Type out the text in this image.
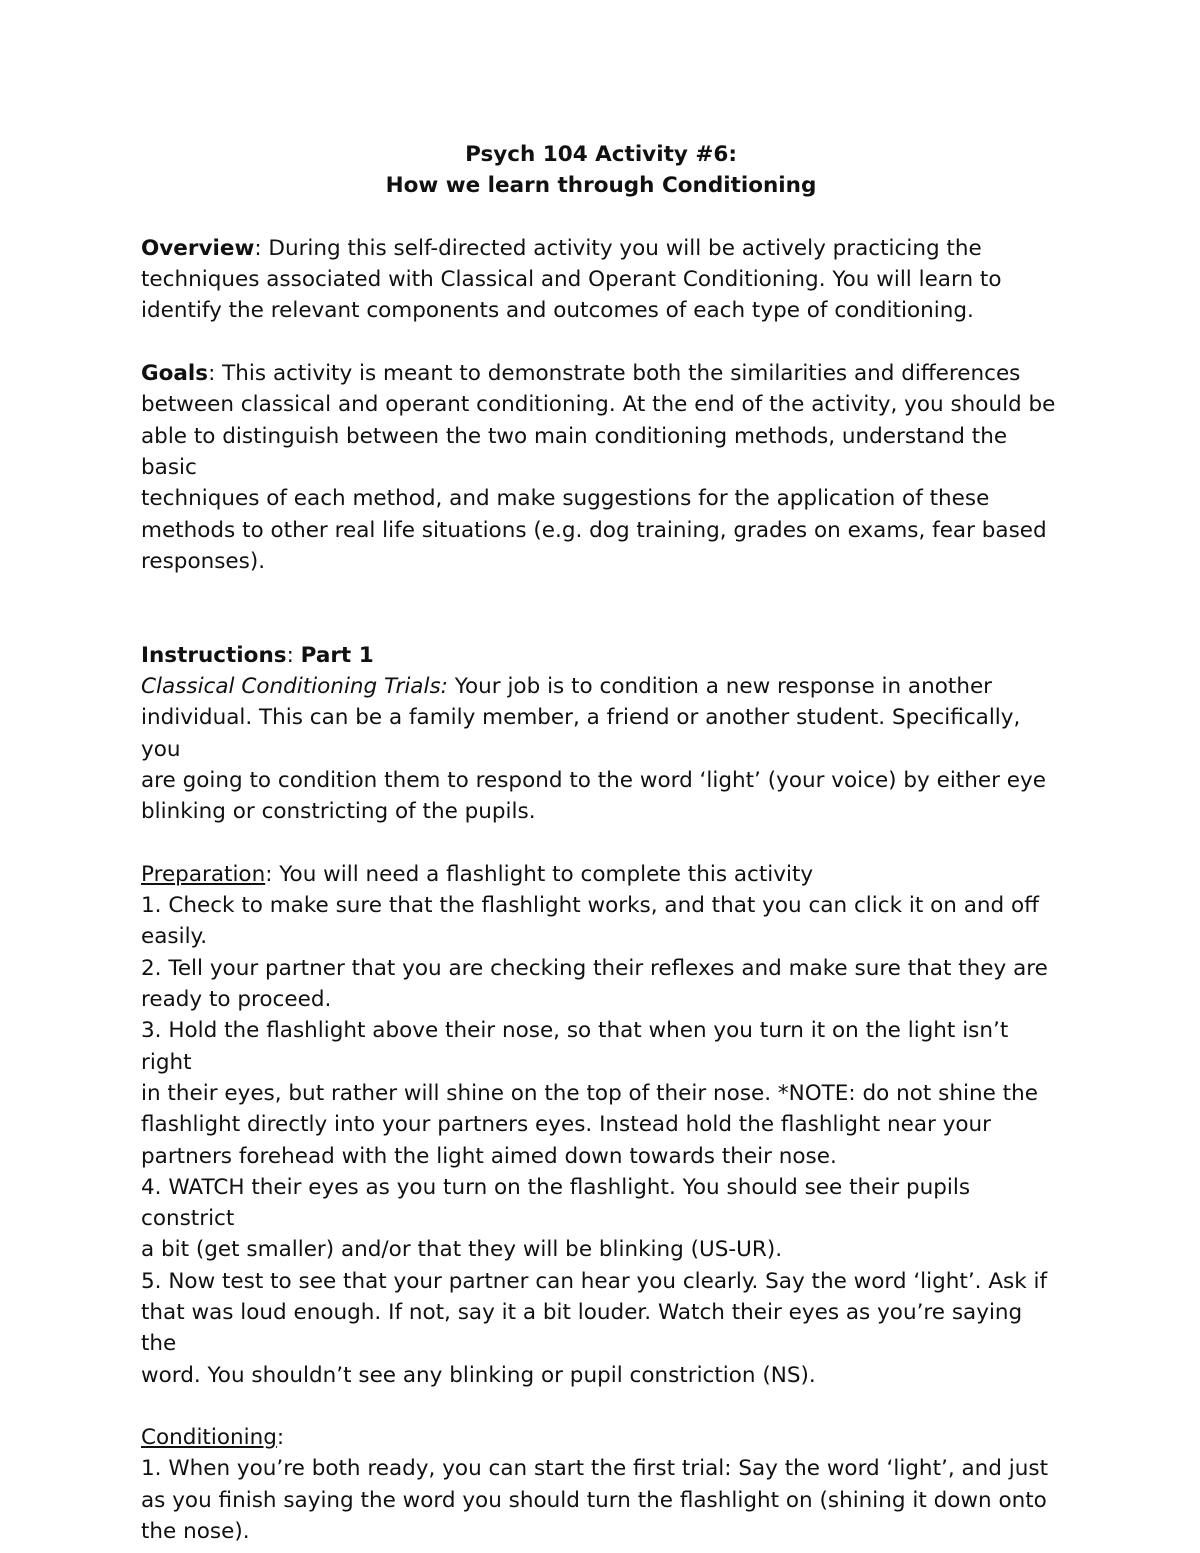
Psych 104 Activity #6:
How we learn through Conditioning
Overview: During this self-directed activity you will be actively practicing the
techniques associated with Classical and Operant Conditioning. You will learn to
identify the relevant components and outcomes of each type of conditioning.
Goals: This activity is meant to demonstrate both the similarities and differences
between classical and operant conditioning. At the end of the activity, you should be
able to distinguish between the two main conditioning methods, understand the basic
techniques of each method, and make suggestions for the application of these
methods to other real life situations (e.g. dog training, grades on exams, fear based
responses).
Instructions: Part 1
Classical Conditioning Trials: Your job is to condition a new response in another
individual. This can be a family member, a friend or another student. Specifically, you
are going to condition them to respond to the word ‘light’ (your voice) by either eye
blinking or constricting of the pupils.
Preparation: You will need a flashlight to complete this activity
1. Check to make sure that the flashlight works, and that you can click it on and off
easily.
2. Tell your partner that you are checking their reflexes and make sure that they are
ready to proceed.
3. Hold the flashlight above their nose, so that when you turn it on the light isn’t right
in their eyes, but rather will shine on the top of their nose. *NOTE: do not shine the
flashlight directly into your partners eyes. Instead hold the flashlight near your
partners forehead with the light aimed down towards their nose.
4. WATCH their eyes as you turn on the flashlight. You should see their pupils constrict
a bit (get smaller) and/or that they will be blinking (US-UR).
5. Now test to see that your partner can hear you clearly. Say the word ‘light’. Ask if
that was loud enough. If not, say it a bit louder. Watch their eyes as you’re saying the
word. You shouldn’t see any blinking or pupil constriction (NS).
Conditioning:
1. When you’re both ready, you can start the first trial: Say the word ‘light’, and just
as you finish saying the word you should turn the flashlight on (shining it down onto
the nose).
